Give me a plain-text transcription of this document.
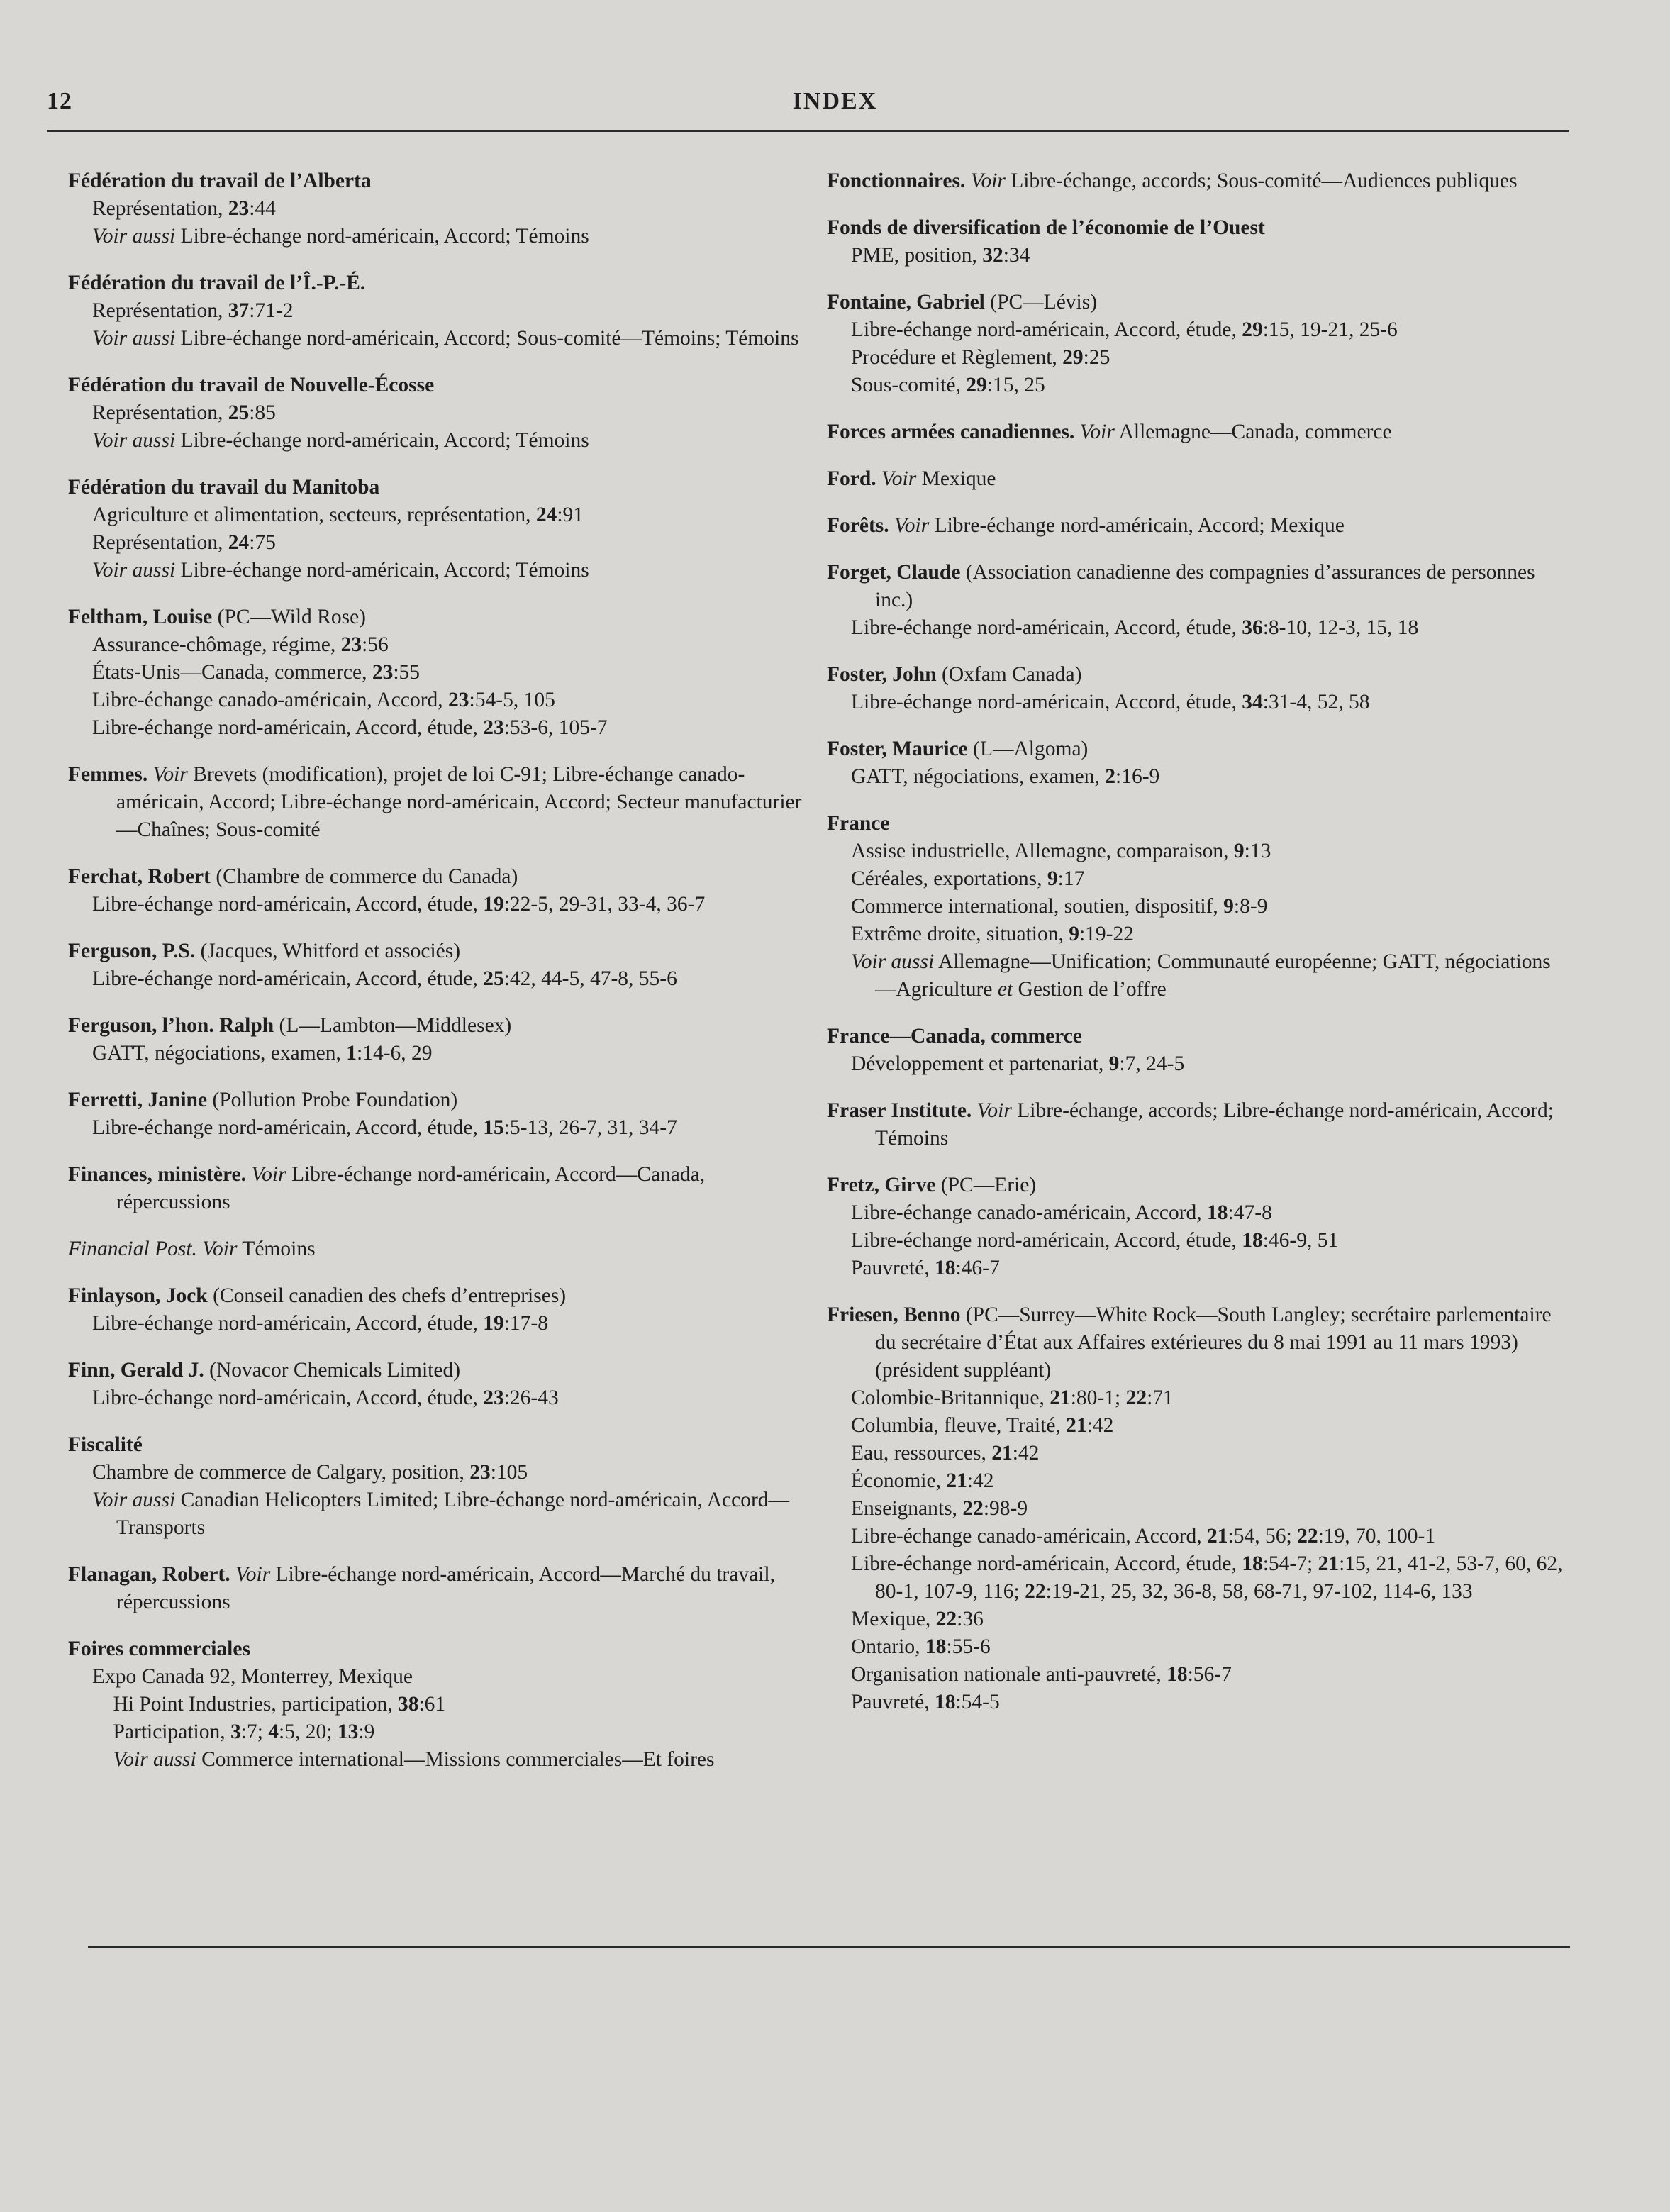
12	INDEX
Fédération du travail de l’Alberta
Représentation, 23:44
Voir aussi Libre-échange nord-américain, Accord; Témoins
Fédération du travail de l’Î.-P.-É.
Représentation, 37:71-2
Voir aussi Libre-échange nord-américain, Accord; Sous-comité—Témoins; Témoins
Fédération du travail de Nouvelle-Écosse
Représentation, 25:85
Voir aussi Libre-échange nord-américain, Accord; Témoins
Fédération du travail du Manitoba
Agriculture et alimentation, secteurs, représentation, 24:91
Représentation, 24:75
Voir aussi Libre-échange nord-américain, Accord; Témoins
Feltham, Louise (PC—Wild Rose)
Assurance-chômage, régime, 23:56
États-Unis—Canada, commerce, 23:55
Libre-échange canado-américain, Accord, 23:54-5, 105
Libre-échange nord-américain, Accord, étude, 23:53-6, 105-7
Femmes. Voir Brevets (modification), projet de loi C-91; Libre-échange canado-américain, Accord; Libre-échange nord-américain, Accord; Secteur manufacturier—Chaînes; Sous-comité
Ferchat, Robert (Chambre de commerce du Canada)
Libre-échange nord-américain, Accord, étude, 19:22-5, 29-31, 33-4, 36-7
Ferguson, P.S. (Jacques, Whitford et associés)
Libre-échange nord-américain, Accord, étude, 25:42, 44-5, 47-8, 55-6
Ferguson, l’hon. Ralph (L—Lambton—Middlesex)
GATT, négociations, examen, 1:14-6, 29
Ferretti, Janine (Pollution Probe Foundation)
Libre-échange nord-américain, Accord, étude, 15:5-13, 26-7, 31, 34-7
Finances, ministère. Voir Libre-échange nord-américain, Accord—Canada, répercussions
Financial Post. Voir Témoins
Finlayson, Jock (Conseil canadien des chefs d’entreprises)
Libre-échange nord-américain, Accord, étude, 19:17-8
Finn, Gerald J. (Novacor Chemicals Limited)
Libre-échange nord-américain, Accord, étude, 23:26-43
Fiscalité
Chambre de commerce de Calgary, position, 23:105
Voir aussi Canadian Helicopters Limited; Libre-échange nord-américain, Accord—Transports
Flanagan, Robert. Voir Libre-échange nord-américain, Accord—Marché du travail, répercussions
Foires commerciales
Expo Canada 92, Monterrey, Mexique
 Hi Point Industries, participation, 38:61
 Participation, 3:7; 4:5, 20; 13:9
 Voir aussi Commerce international—Missions commerciales—Et foires
Fonctionnaires. Voir Libre-échange, accords; Sous-comité—Audiences publiques
Fonds de diversification de l’économie de l’Ouest
PME, position, 32:34
Fontaine, Gabriel (PC—Lévis)
Libre-échange nord-américain, Accord, étude, 29:15, 19-21, 25-6
Procédure et Règlement, 29:25
Sous-comité, 29:15, 25
Forces armées canadiennes. Voir Allemagne—Canada, commerce
Ford. Voir Mexique
Forêts. Voir Libre-échange nord-américain, Accord; Mexique
Forget, Claude (Association canadienne des compagnies d’assurances de personnes inc.)
Libre-échange nord-américain, Accord, étude, 36:8-10, 12-3, 15, 18
Foster, John (Oxfam Canada)
Libre-échange nord-américain, Accord, étude, 34:31-4, 52, 58
Foster, Maurice (L—Algoma)
GATT, négociations, examen, 2:16-9
France
Assise industrielle, Allemagne, comparaison, 9:13
Céréales, exportations, 9:17
Commerce international, soutien, dispositif, 9:8-9
Extrême droite, situation, 9:19-22
Voir aussi Allemagne—Unification; Communauté européenne; GATT, négociations—Agriculture et Gestion de l’offre
France—Canada, commerce
Développement et partenariat, 9:7, 24-5
Fraser Institute. Voir Libre-échange, accords; Libre-échange nord-américain, Accord; Témoins
Fretz, Girve (PC—Erie)
Libre-échange canado-américain, Accord, 18:47-8
Libre-échange nord-américain, Accord, étude, 18:46-9, 51
Pauvreté, 18:46-7
Friesen, Benno (PC—Surrey—White Rock—South Langley; secrétaire parlementaire du secrétaire d’État aux Affaires extérieures du 8 mai 1991 au 11 mars 1993) (président suppléant)
Colombie-Britannique, 21:80-1; 22:71
Columbia, fleuve, Traité, 21:42
Eau, ressources, 21:42
Économie, 21:42
Enseignants, 22:98-9
Libre-échange canado-américain, Accord, 21:54, 56; 22:19, 70, 100-1
Libre-échange nord-américain, Accord, étude, 18:54-7; 21:15, 21, 41-2, 53-7, 60, 62, 80-1, 107-9, 116; 22:19-21, 25, 32, 36-8, 58, 68-71, 97-102, 114-6, 133
Mexique, 22:36
Ontario, 18:55-6
Organisation nationale anti-pauvreté, 18:56-7
Pauvreté, 18:54-5
